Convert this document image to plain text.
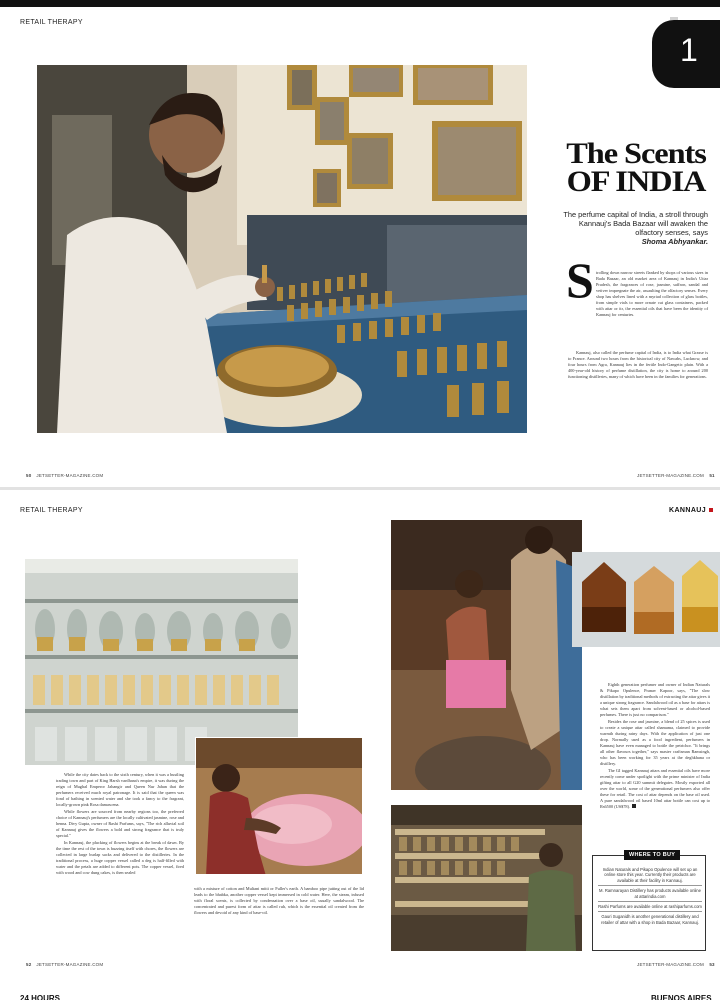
RETAIL THERAPY
1
The Scents
OF INDIA
The perfume capital of India, a stroll through Kannauj's Bada Bazaar will awaken the olfactory senses, says
Shoma Abhyankar.
S trolling down narrow streets flanked by shops of various sizes in Bada Bazaar, an old market area of Kannauj in India's Uttar Pradesh, the fragrances of rose, jasmine, saffron, sandal and vetiver impregnate the air, assaulting the olfactory senses. Every shop has shelves lined with a myriad collection of glass bottles, from simple vials to more ornate cut glass containers, packed with attar or itr, the essential oils that have been the identity of Kannauj for centuries.

Kannauj, also called the perfume capital of India, is to India what Grasse is to France. Around two hours from the historical city of Nawabs, Lucknow, and four hours from Agra, Kannauj lies in the fertile Indo-Gangetic plain. With a 400-year-old history of perfume distillation, the city is home to around 200 functioning distilleries, many of which have been in the families for generations.

50 JETSETTER-MAGAZINE.COM	JETSETTER-MAGAZINE.COM 51
RETAIL THERAPY	KANNAUJ

While the city dates back to the sixth century, when it was a bustling trading town and part of King Harsh vardhana's empire, it was during the reign of Mughal Emperor Jahangir and Queen Nur Jahan that the perfumers received much royal patronage. It is said that the queen was fond of bathing in scented water and she took a fancy to the fragrant, locally-grown pink Rosa damascena.

While flowers are sourced from nearby regions too, the preferred choice of Kannauj's perfumers are the locally cultivated jasmine, rose and henna. Divy Gupta, owner of Rashi Parfums, says, "The rich alluvial soil of Kannauj gives the flowers a bold and strong fragrance that is truly special."

In Kannauj, the plucking of flowers begins at the break of dawn. By the time the rest of the town is buzzing itself with chores, the flowers are collected in large burlap sacks and delivered to the distilleries. In the traditional process, a huge copper vessel called a deg is half-filled with water and the petals are added to different pots. The copper vessel, fired with wood and cow dung cakes, is then sealed

with a mixture of cotton and Multani mitti or Fuller's earth. A bamboo pipe jutting out of the lid leads to the bhabka, another copper vessel kept immersed in cold water. Here, the steam, infused with floral scents, is collected by condensation over a base oil, usually sandalwood. The concentrated and purest form of attar is called ruh, which is the essential oil created from the flowers and devoid of any kind of base-oil.

Eighth generation perfumer and owner of Indian Naturals & Pikapo Opulence, Pranav Kapoor, says, "The slow distillation by traditional methods of extracting the attar gives it a unique strong fragrance. Sandalwood oil as a base for attars is what sets them apart from solvent-based or alcohol-based perfumes. There is just no comparison."

Besides the rose and jasmine, a blend of 25 spices is used to create a unique attar called shamama, claimed to provide warmth during rainy days. With the application of just one drop. Normally used as a food ingredient, perfumers in Kannauj have even managed to bottle the petrichor. "It brings all other flavours together," says master craftsman Ramsingh, who has been working for 35 years at the deghkhana or distillery.

The GI tagged Kannauj attars and essential oils have more recently come under spotlight with the prime minister of India gifting attar to all G20 summit delegates. Mostly exported all over the world, some of the generational perfumers also offer these for retail. The cost of attar depends on the base oil used. A pure sandalwood oil based 10ml attar bottle can cost up to Rs6500 (US$78).

WHERE TO BUY

Indian Naturals and Pikapo Opulence will set up an online store this year. Currently their products are available at their facility in Kannauj.

M. Ramnarayan Distillery has products available online at attarindia.com

Rashi Parfums are available online at rashiparfums.com

Gauri Suganidh is another generational distillery and retailer of attar with a shop in Bada Bazaar, Kannauj.

52 JETSETTER-MAGAZINE.COM	JETSETTER-MAGAZINE.COM 53
24 HOURS	BUENOS AIRES
